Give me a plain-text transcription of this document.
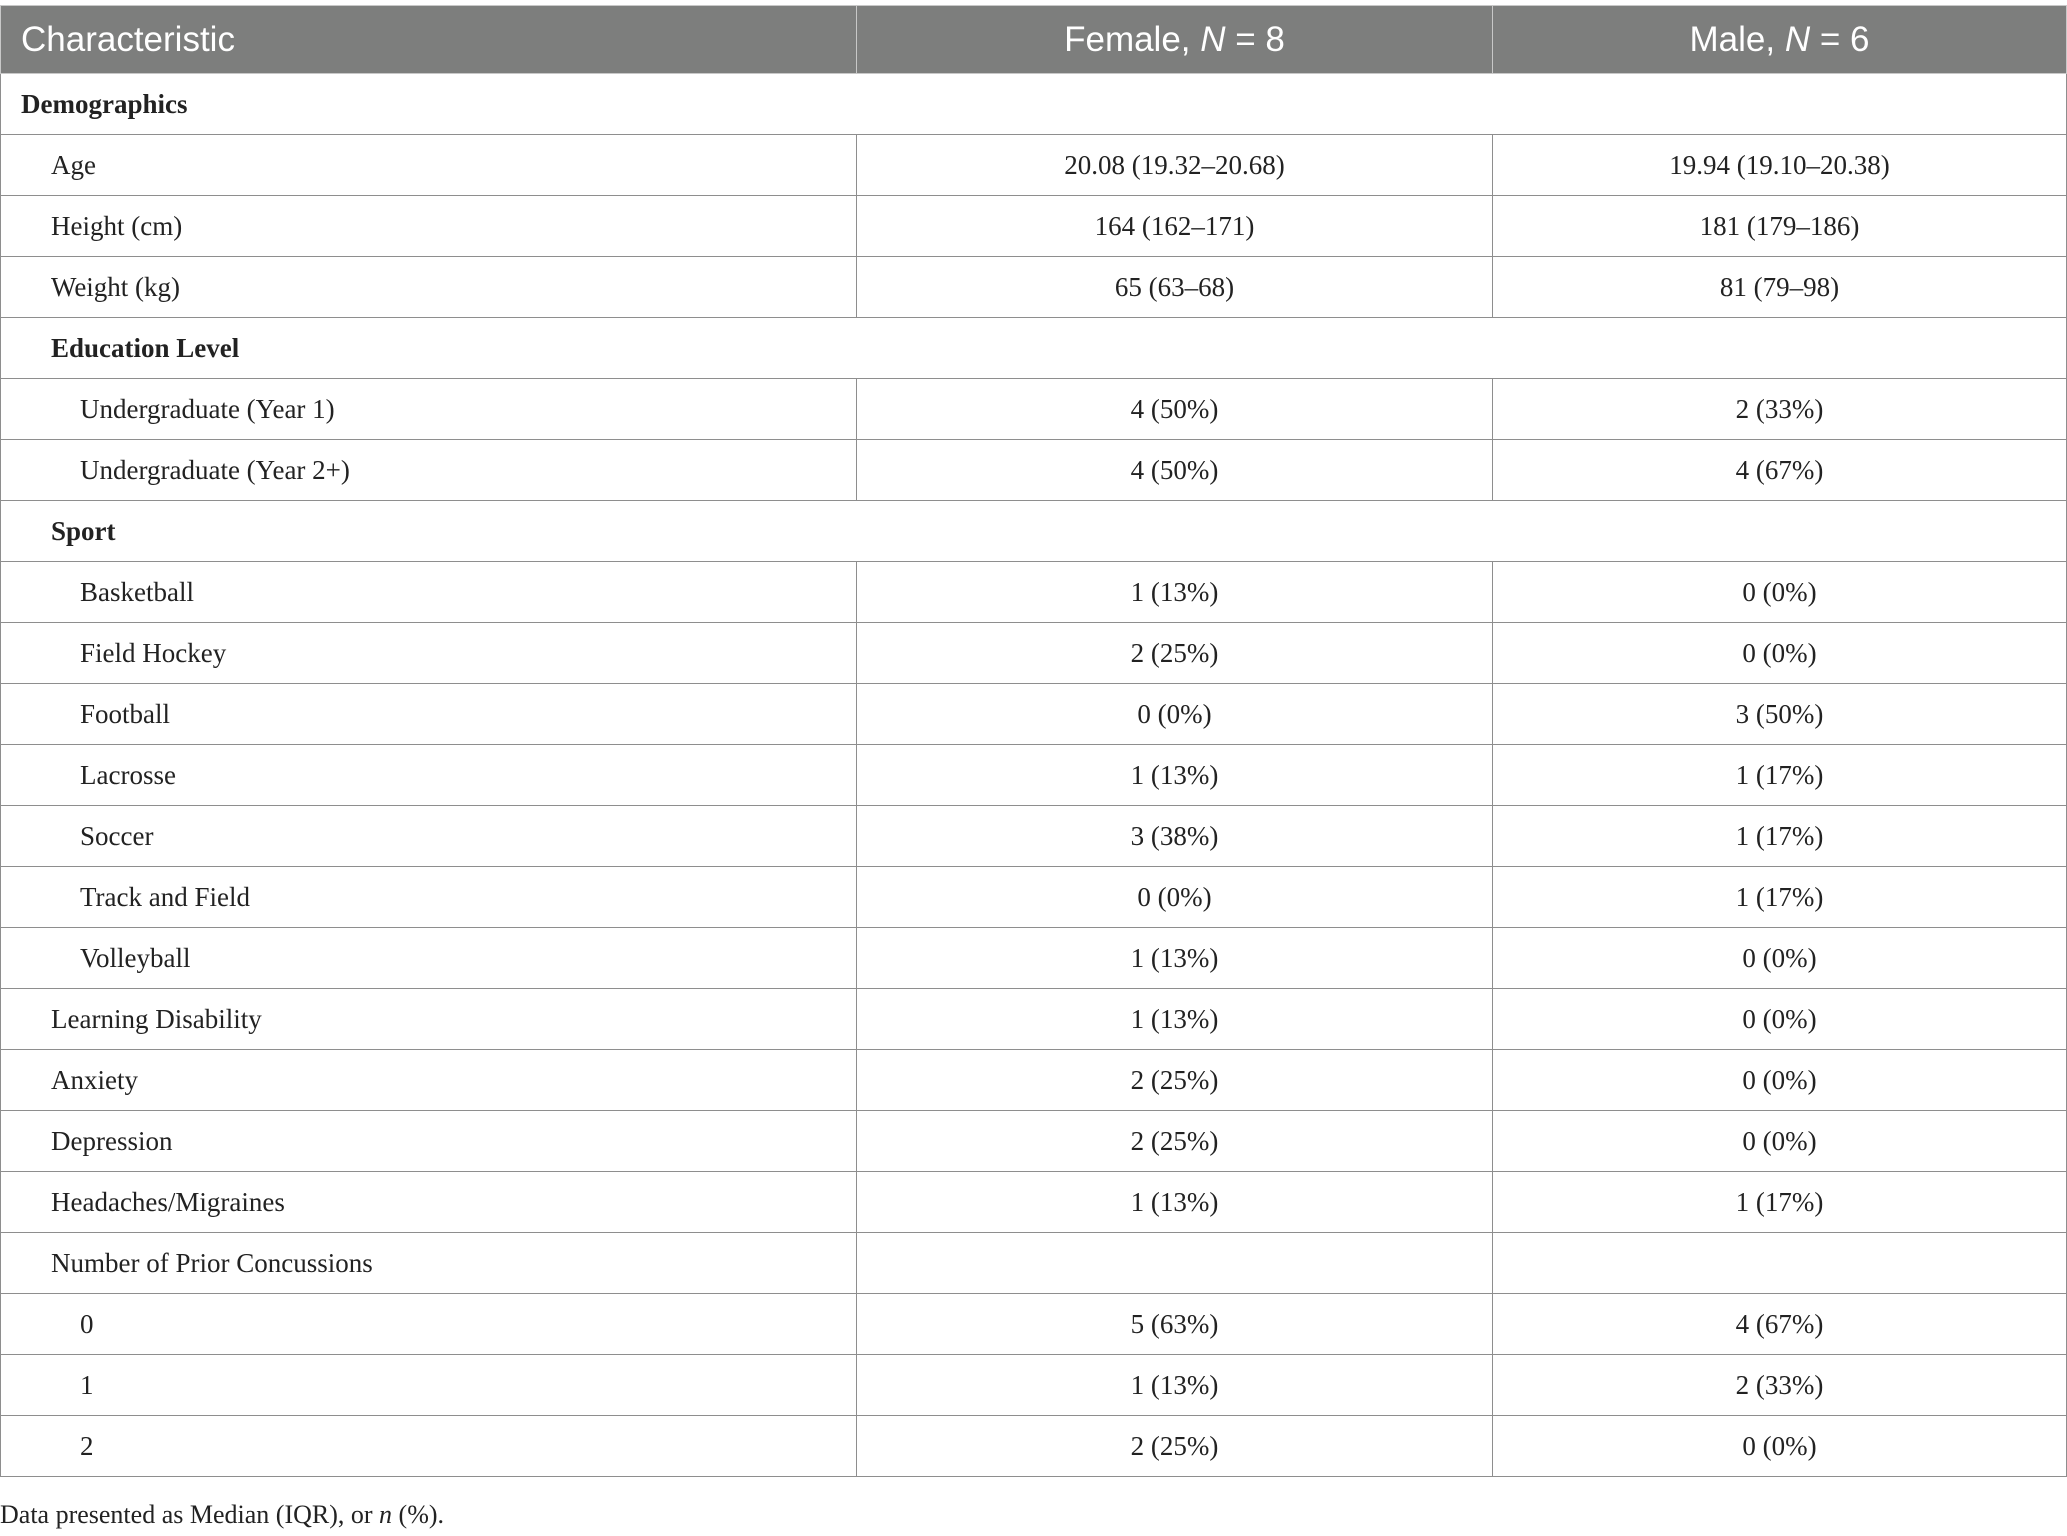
Characteristic	Female, N = 8	Male, N = 6
Demographics		
Age	20.08 (19.32–20.68)	19.94 (19.10–20.38)
Height (cm)	164 (162–171)	181 (179–186)
Weight (kg)	65 (63–68)	81 (79–98)
Education Level		
Undergraduate (Year 1)	4 (50%)	2 (33%)
Undergraduate (Year 2+)	4 (50%)	4 (67%)
Sport		
Basketball	1 (13%)	0 (0%)
Field Hockey	2 (25%)	0 (0%)
Football	0 (0%)	3 (50%)
Lacrosse	1 (13%)	1 (17%)
Soccer	3 (38%)	1 (17%)
Track and Field	0 (0%)	1 (17%)
Volleyball	1 (13%)	0 (0%)
Learning Disability	1 (13%)	0 (0%)
Anxiety	2 (25%)	0 (0%)
Depression	2 (25%)	0 (0%)
Headaches/Migraines	1 (13%)	1 (17%)
Number of Prior Concussions		
0	5 (63%)	4 (67%)
1	1 (13%)	2 (33%)
2	2 (25%)	0 (0%)
Data presented as Median (IQR), or n (%).
